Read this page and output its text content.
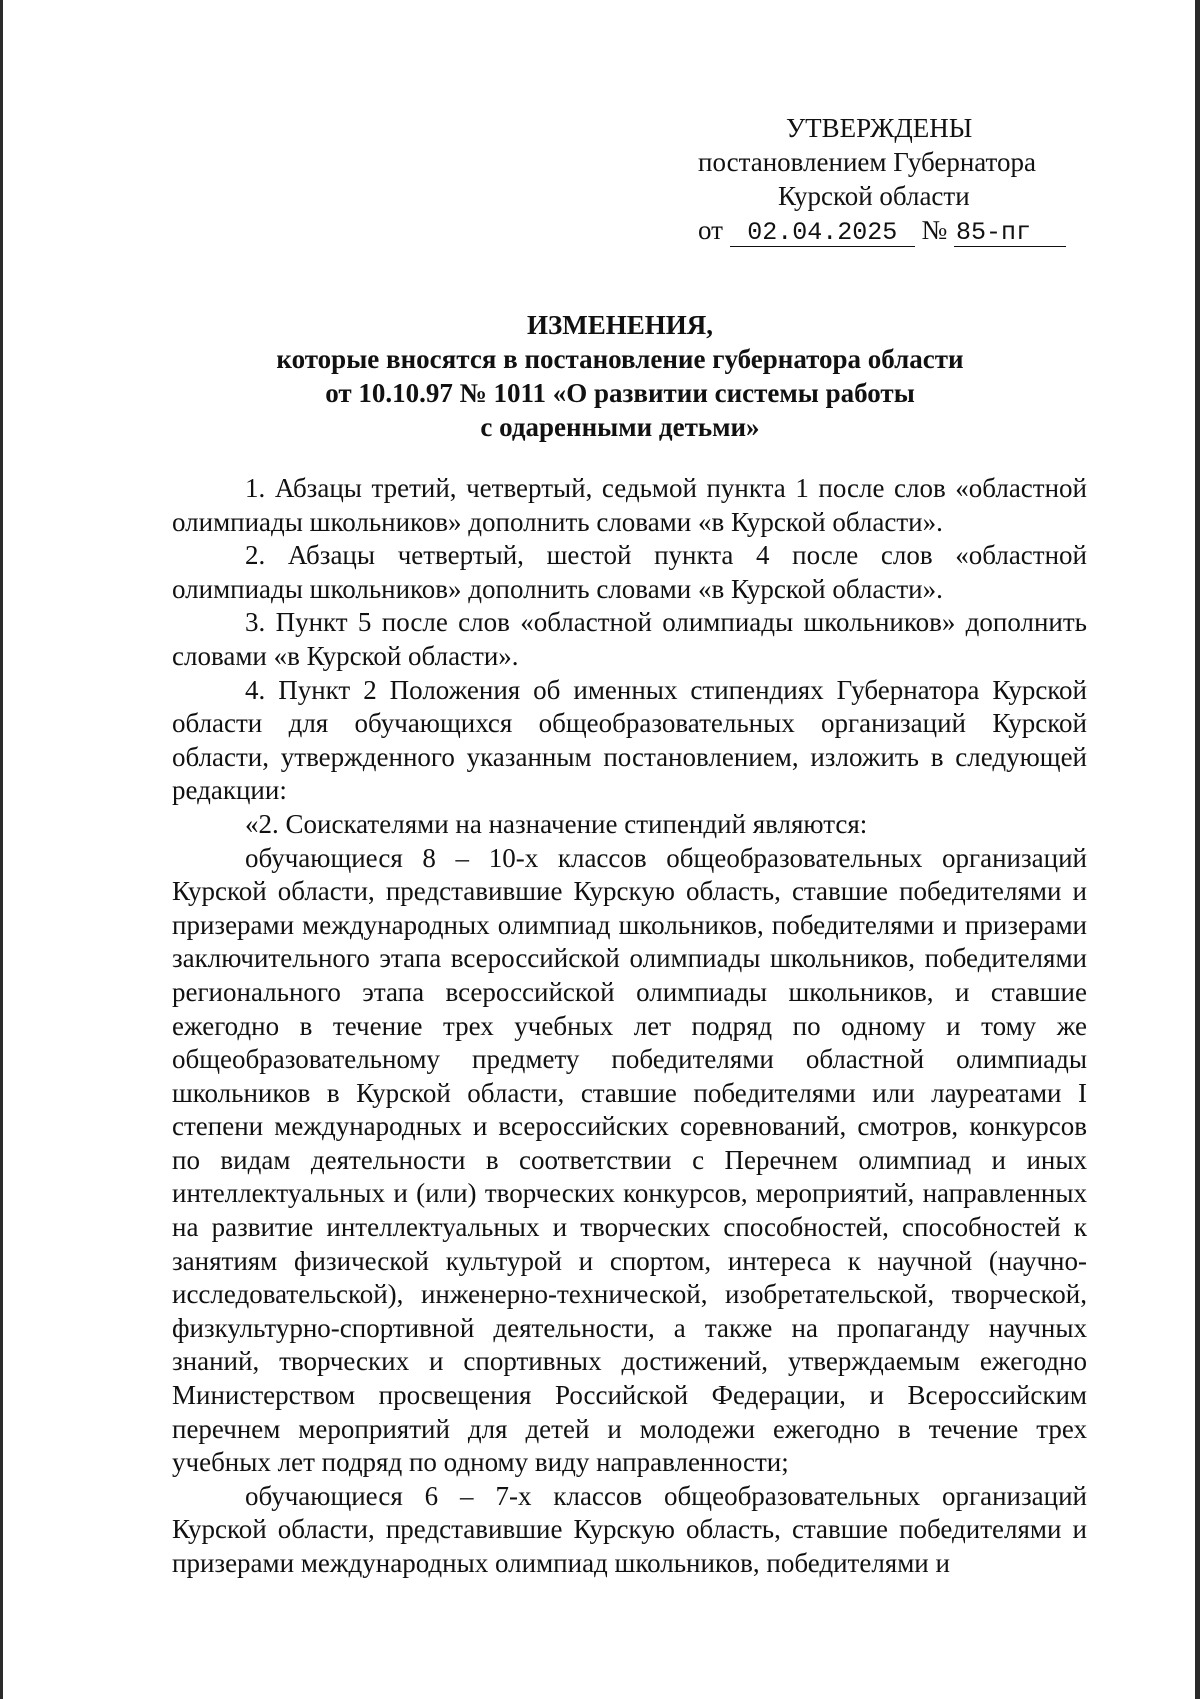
УТВЕРЖДЕНЫ
постановлением Губернатора
Курской области
от 02.04.2025 № 85-пг
ИЗМЕНЕНИЯ,
которые вносятся в постановление губернатора области
от 10.10.97 № 1011 «О развитии системы работы
с одаренными детьми»

1. Абзацы третий, четвертый, седьмой пункта 1 после слов «областной олимпиады школьников» дополнить словами «в Курской области».

2. Абзацы четвертый, шестой пункта 4 после слов «областной олимпиады школьников» дополнить словами «в Курской области».

3. Пункт 5 после слов «областной олимпиады школьников» дополнить словами «в Курской области».

4. Пункт 2 Положения об именных стипендиях Губернатора Курской области для обучающихся общеобразовательных организаций Курской области, утвержденного указанным постановлением, изложить в следующей редакции:

«2. Соискателями на назначение стипендий являются:

обучающиеся 8 – 10-х классов общеобразовательных организаций Курской области, представившие Курскую область, ставшие победителями и призерами международных олимпиад школьников, победителями и призерами заключительного этапа всероссийской олимпиады школьников, победителями регионального этапа всероссийской олимпиады школьников, и ставшие ежегодно в течение трех учебных лет подряд по одному и тому же общеобразовательному предмету победителями областной олимпиады школьников в Курской области, ставшие победителями или лауреатами I степени международных и всероссийских соревнований, смотров, конкурсов по видам деятельности в соответствии с Перечнем олимпиад и иных интеллектуальных и (или) творческих конкурсов, мероприятий, направленных на развитие интеллектуальных и творческих способностей, способностей к занятиям физической культурой и спортом, интереса к научной (научно-исследовательской), инженерно-технической, изобретательской, творческой, физкультурно-спортивной деятельности, а также на пропаганду научных знаний, творческих и спортивных достижений, утверждаемым ежегодно Министерством просвещения Российской Федерации, и Всероссийским перечнем мероприятий для детей и молодежи ежегодно в течение трех учебных лет подряд по одному виду направленности;

обучающиеся 6 – 7-х классов общеобразовательных организаций Курской области, представившие Курскую область, ставшие победителями и призерами международных олимпиад школьников, победителями и
